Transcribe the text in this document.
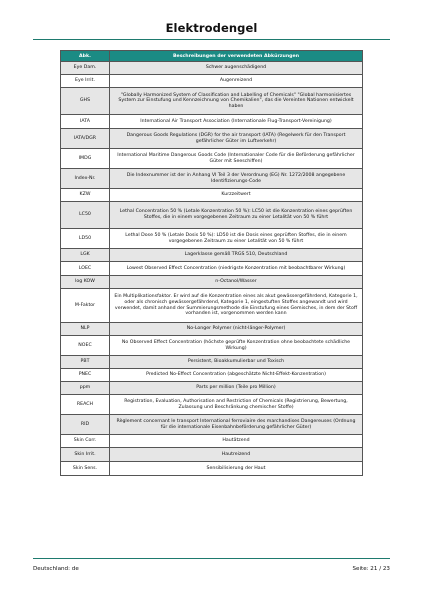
Elektrodengel
Abk.	Beschreibungen der verwendeten Abkürzungen
Eye Dam.	Schwer augenschädigend
Eye Irrit.	Augenreizend
GHS	"Globally Harmonized System of Classification and Labelling of Chemicals" "Global harmonisiertes System zur Einstufung und Kennzeichnung von Chemikalien", das die Vereinten Nationen entwickelt haben
IATA	International Air Transport Association (Internationale Flug-Transport-Vereinigung)
IATA/DGR	Dangerous Goods Regulations (DGR) for the air transport (IATA) (Regelwerk für den Transport gefährlicher Güter im Luftverkehr)
IMDG	International Maritime Dangerous Goods Code (Internationaler Code für die Beförderung gefährlicher Güter mit Seeschiffen)
Index-Nr.	Die Indexnummer ist der in Anhang VI Teil 3 der Verordnung (EG) Nr. 1272/2008 angegebene Identifizierungs-Code
KZW	Kurzzeitwert
LC50	Lethal Concentration 50 % (Letale Konzentration 50 %): LC50 ist die Konzentration eines geprüften Stoffes, die in einem vorgegebenen Zeitraum zu einer Letalität von 50 % führt
LD50	Lethal Dose 50 % (Letale Dosis 50 %): LD50 ist die Dosis eines geprüften Stoffes, die in einem vorgegebenen Zeitraum zu einer Letalität von 50 % führt
LGK	Lagerklasse gemäß TRGS 510, Deutschland
LOEC	Lowest Observed Effect Concentration (niedrigste Konzentration mit beobachtbarer Wirkung)
log KOW	n-Octanol/Wasser
M-Faktor	Ein Multiplikationsfaktor. Er wird auf die Konzentration eines als akut gewässergefährdend, Kategorie 1, oder als chronisch gewässergefährdend, Kategorie 1, eingestuften Stoffes angewandt und wird verwendet, damit anhand der Summierungsmethode die Einstufung eines Gemisches, in dem der Stoff vorhanden ist, vorgenommen werden kann
NLP	No-Longer Polymer (nicht-länger-Polymer)
NOEC	No Observed Effect Concentration (höchste geprüfte Konzentration ohne beobachtete schädliche Wirkung)
PBT	Persistent, Bioakkumulierbar und Toxisch
PNEC	Predicted No-Effect Concentration (abgeschätzte Nicht-Effekt-Konzentration)
ppm	Parts per million (Teile pro Million)
REACH	Registration, Evaluation, Authorisation and Restriction of Chemicals (Registrierung, Bewertung, Zulassung und Beschränkung chemischer Stoffe)
RID	Règlement concernant le transport International ferroviaire des marchandises Dangereuses (Ordnung für die internationale Eisenbahnbeförderung gefährlicher Güter)
Skin Corr.	Hautätzend
Skin Irrit.	Hautreizend
Skin Sens.	Sensibilisierung der Haut
Deutschland: de	Seite: 21 / 23
